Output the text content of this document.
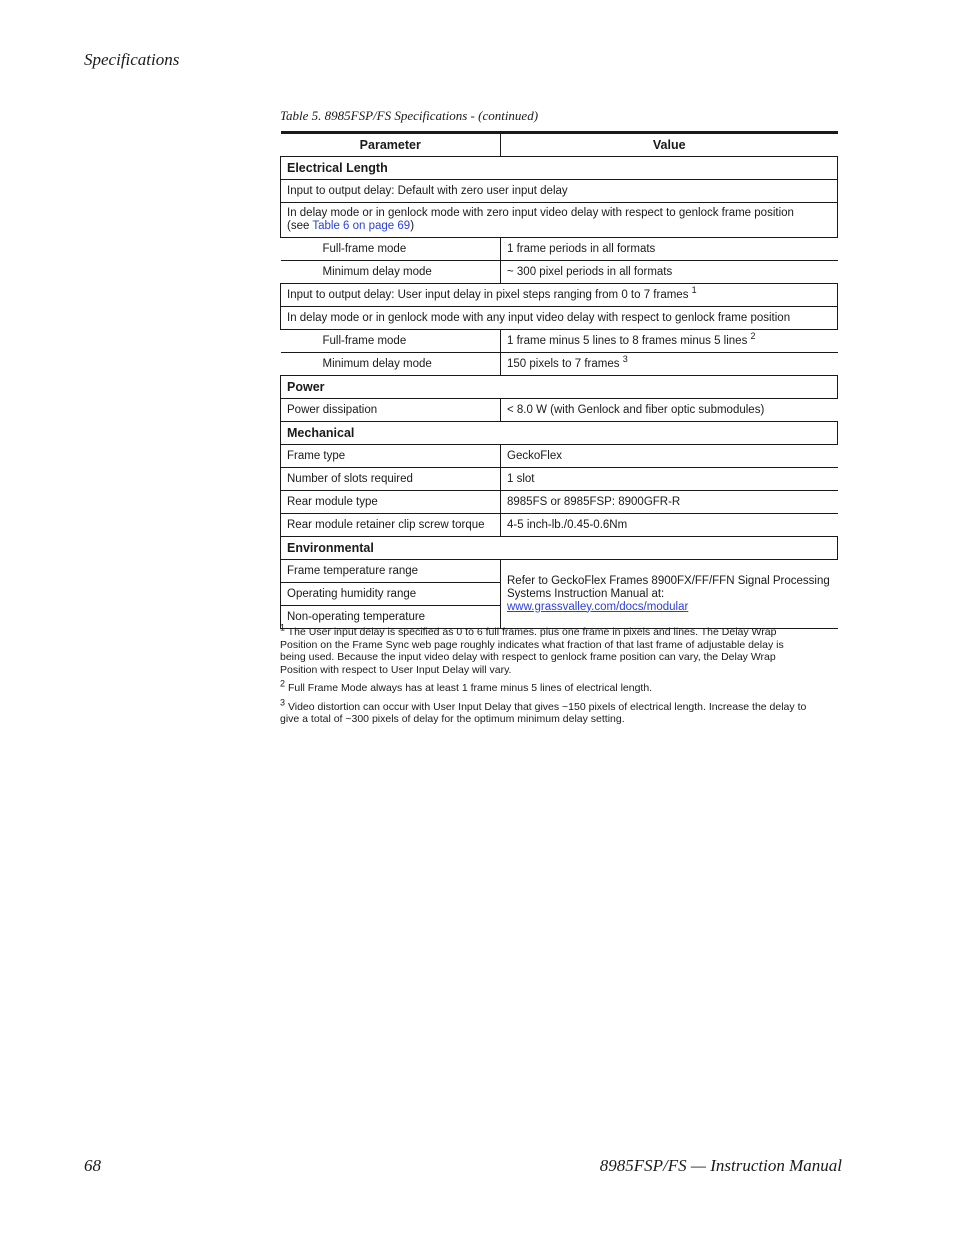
Specifications
Table 5. 8985FSP/FS Specifications - (continued)
Parameter	Value
Electrical Length	
Input to output delay: Default with zero user input delay	
In delay mode or in genlock mode with zero input video delay with respect to genlock frame position
(see Table 6 on page 69)	
Full-frame mode	1 frame periods in all formats
Minimum delay mode	~ 300 pixel periods in all formats
Input to output delay: User input delay in pixel steps ranging from 0 to 7 frames $^1$
In delay mode or in genlock mode with any input video delay with respect to genlock frame position	
Full-frame mode	1 frame minus 5 lines to 8 frames minus 5 lines $^2$
Minimum delay mode	150 pixels to 7 frames $^3$
Power	
Power dissipation	< 8.0 W (with Genlock and fiber optic submodules)
Mechanical	
Frame type	GeckoFlex
Number of slots required	1 slot
Rear module type	8985FS or 8985FSP: 8900GFR-R
Rear module retainer clip screw torque	4-5 inch-lb./0.45-0.6Nm
Environmental	
Frame temperature range	Refer to GeckoFlex Frames 8900FX/FF/FFN Signal Processing Systems Instruction Manual at:
www.grassvalley.com/docs/modular
Operating humidity range	
Non-operating temperature	

$^1$ The User input delay is specified as 0 to 6 full frames. plus one frame in pixels and lines. The Delay Wrap Position on the Frame Sync web page roughly indicates what fraction of that last frame of adjustable delay is being used. Because the input video delay with respect to genlock frame position can vary, the Delay Wrap Position with respect to User Input Delay will vary.

$^2$ Full Frame Mode always has at least 1 frame minus 5 lines of electrical length.

$^3$ Video distortion can occur with User Input Delay that gives ~150 pixels of electrical length. Increase the delay to give a total of ~300 pixels of delay for the optimum minimum delay setting.

68	8985FSP/FS — Instruction Manual
